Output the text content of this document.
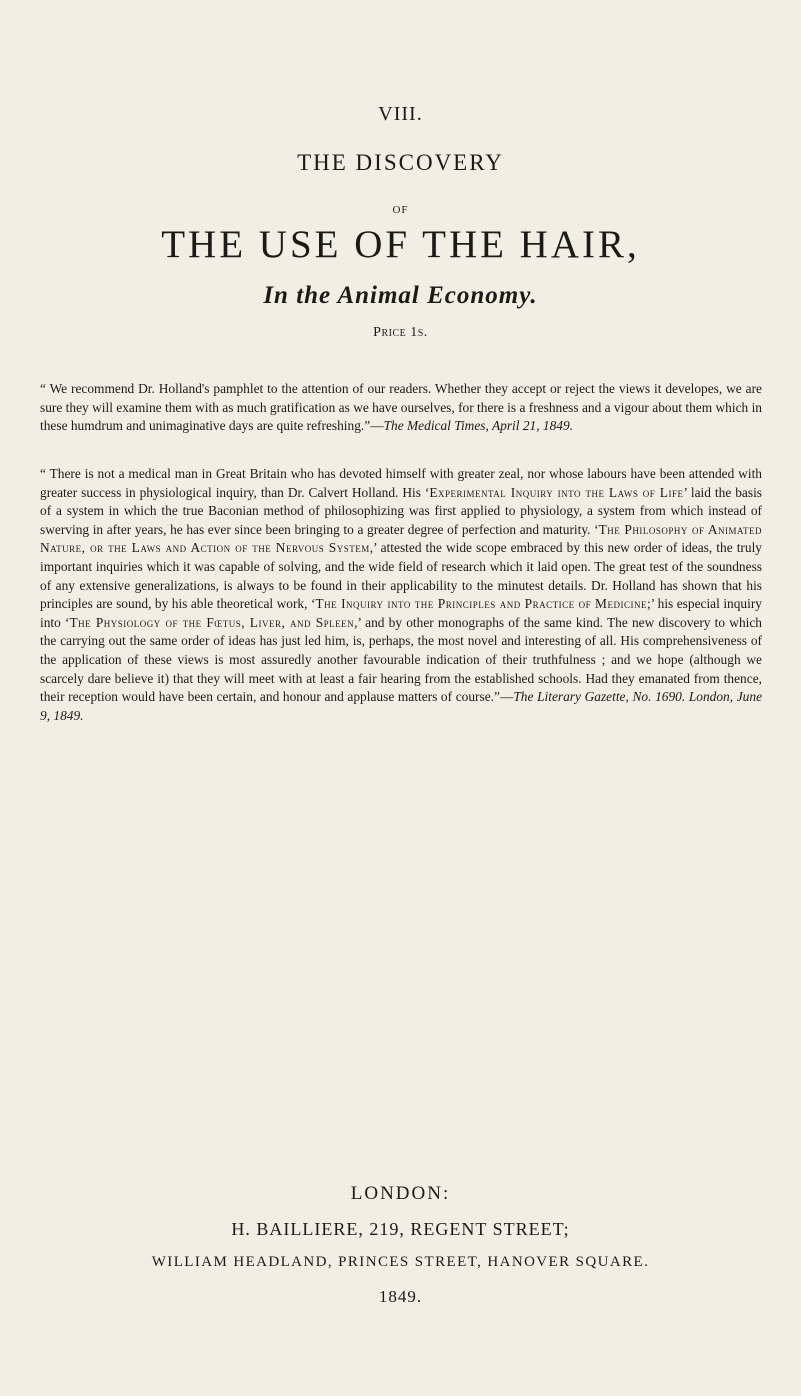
VIII.
THE DISCOVERY
OF
THE USE OF THE HAIR,
In the Animal Economy.
Price 1s.

“ We recommend Dr. Holland's pamphlet to the attention of our readers. Whether they accept or reject the views it developes, we are sure they will examine them with as much gratification as we have ourselves, for there is a freshness and a vigour about them which in these humdrum and unimaginative days are quite refreshing.”—The Medical Times, April 21, 1849.

“ There is not a medical man in Great Britain who has devoted himself with greater zeal, nor whose labours have been attended with greater success in physiological inquiry, than Dr. Calvert Holland. His ‘Experimental Inquiry into the Laws of Life’ laid the basis of a system in which the true Baconian method of philosophizing was first applied to physiology, a system from which instead of swerving in after years, he has ever since been bringing to a greater degree of perfection and maturity. ‘The Philosophy of Animated Nature, or the Laws and Action of the Nervous System,’ attested the wide scope embraced by this new order of ideas, the truly important inquiries which it was capable of solving, and the wide field of research which it laid open. The great test of the soundness of any extensive generalizations, is always to be found in their applicability to the minutest details. Dr. Holland has shown that his principles are sound, by his able theoretical work, ‘The Inquiry into the Principles and Practice of Medicine;’ his especial inquiry into ‘The Physiology of the Fœtus, Liver, and Spleen,’ and by other monographs of the same kind. The new discovery to which the carrying out the same order of ideas has just led him, is, perhaps, the most novel and interesting of all. His comprehensiveness of the application of these views is most assuredly another favourable indication of their truthfulness ; and we hope (although we scarcely dare believe it) that they will meet with at least a fair hearing from the established schools. Had they emanated from thence, their reception would have been certain, and honour and applause matters of course.”—The Literary Gazette, No. 1690. London, June 9, 1849.

LONDON:
H. BAILLIERE, 219, REGENT STREET;
WILLIAM HEADLAND, PRINCES STREET, HANOVER SQUARE.
1849.
